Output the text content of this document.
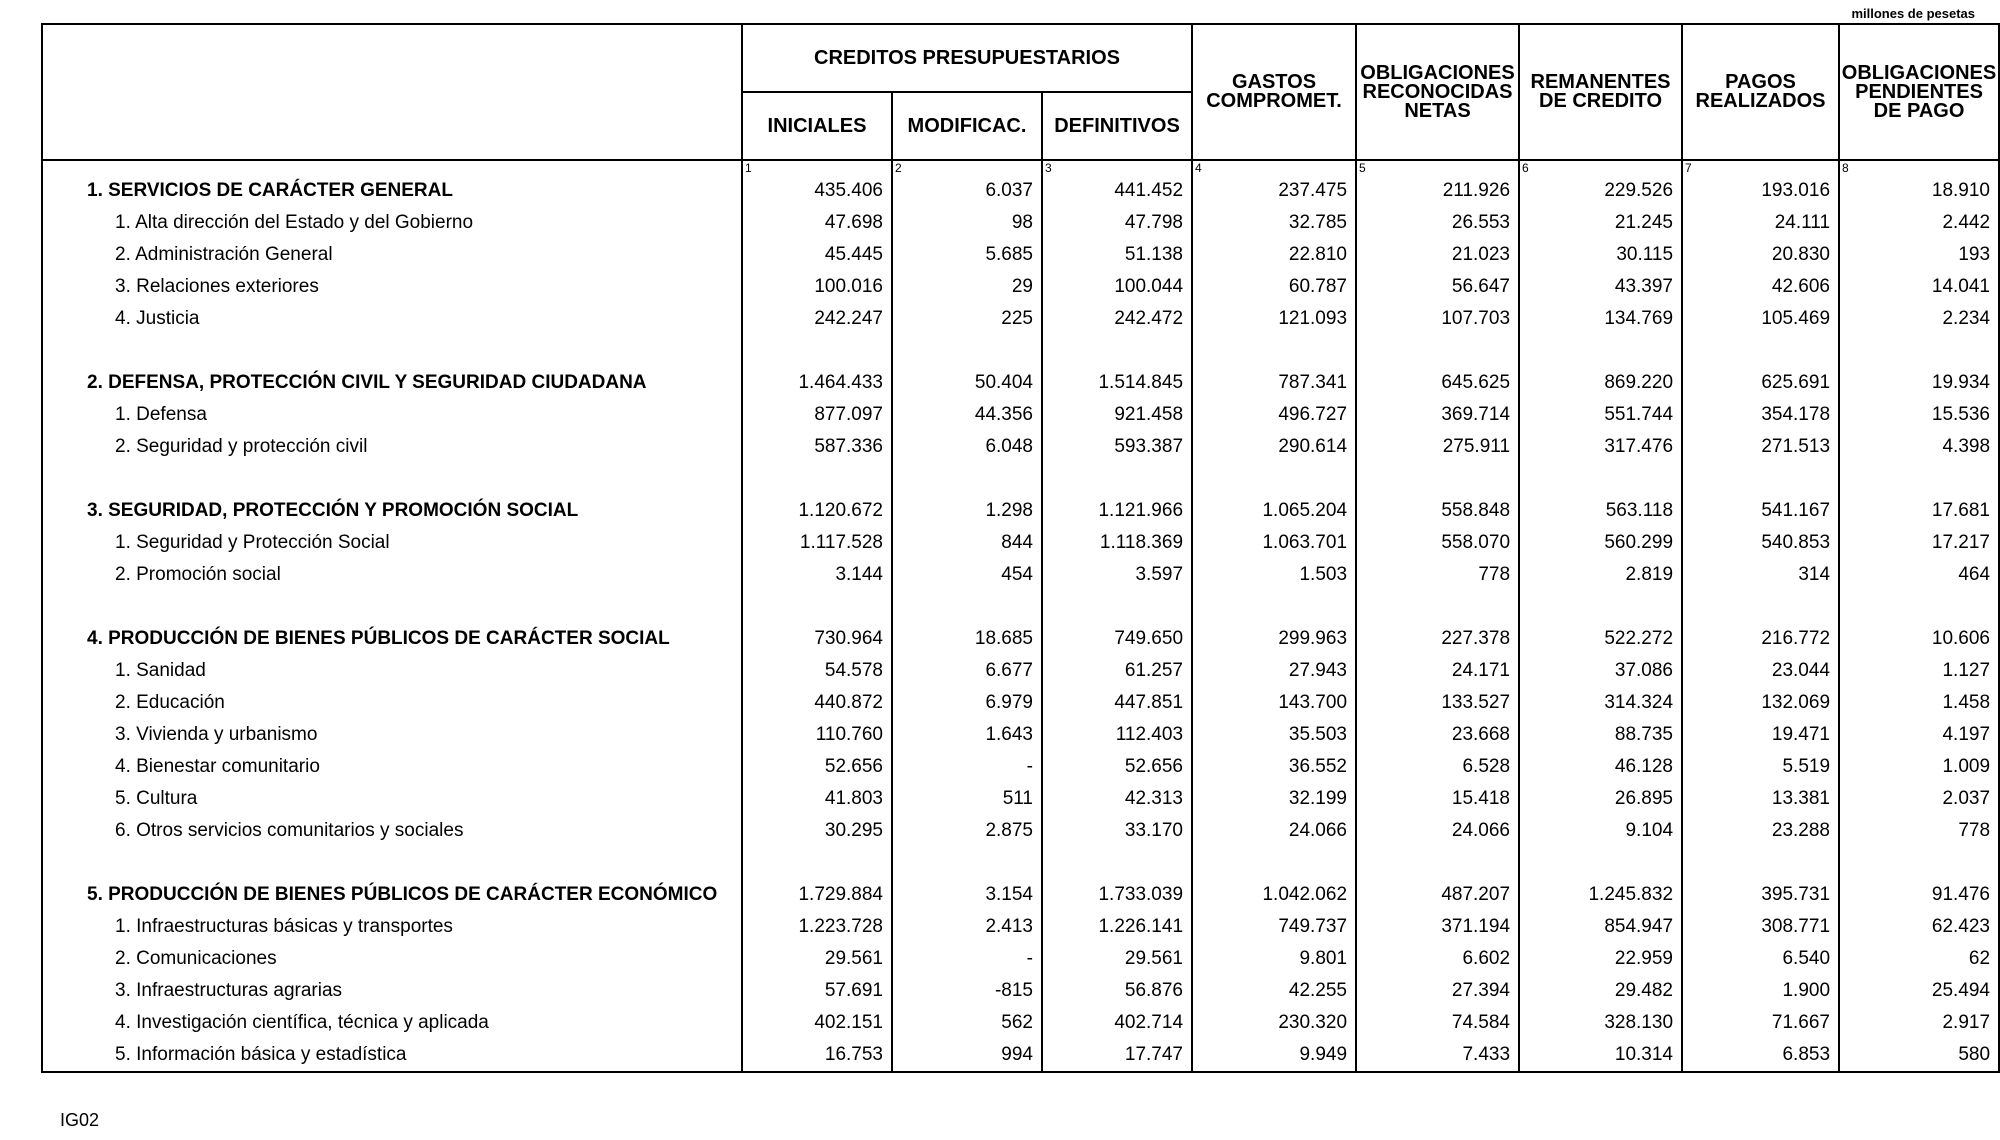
millones de pesetas
	CREDITOS PRESUPUESTARIOS			GASTOS COMPROMET.	OBLIGACIONES RECONOCIDAS NETAS	REMANENTES DE CREDITO	PAGOS REALIZADOS	OBLIGACIONES PENDIENTES DE PAGO
	INICIALES	MODIFICAC.	DEFINITIVOS					
	1	2	3	4	5	6	7	8
1. SERVICIOS DE CARÁCTER GENERAL	435.406	6.037	441.452	237.475	211.926	229.526	193.016	18.910
1. Alta dirección del Estado y del Gobierno	47.698	98	47.798	32.785	26.553	21.245	24.111	2.442
2. Administración General	45.445	5.685	51.138	22.810	21.023	30.115	20.830	193
3. Relaciones exteriores	100.016	29	100.044	60.787	56.647	43.397	42.606	14.041
4. Justicia	242.247	225	242.472	121.093	107.703	134.769	105.469	2.234

2. DEFENSA, PROTECCIÓN CIVIL Y SEGURIDAD CIUDADANA	1.464.433	50.404	1.514.845	787.341	645.625	869.220	625.691	19.934
1. Defensa	877.097	44.356	921.458	496.727	369.714	551.744	354.178	15.536
2. Seguridad y protección civil	587.336	6.048	593.387	290.614	275.911	317.476	271.513	4.398

3. SEGURIDAD, PROTECCIÓN Y PROMOCIÓN SOCIAL	1.120.672	1.298	1.121.966	1.065.204	558.848	563.118	541.167	17.681
1. Seguridad y Protección Social	1.117.528	844	1.118.369	1.063.701	558.070	560.299	540.853	17.217
2. Promoción social	3.144	454	3.597	1.503	778	2.819	314	464

4. PRODUCCIÓN DE BIENES PÚBLICOS DE CARÁCTER SOCIAL	730.964	18.685	749.650	299.963	227.378	522.272	216.772	10.606
1. Sanidad	54.578	6.677	61.257	27.943	24.171	37.086	23.044	1.127
2. Educación	440.872	6.979	447.851	143.700	133.527	314.324	132.069	1.458
3. Vivienda y urbanismo	110.760	1.643	112.403	35.503	23.668	88.735	19.471	4.197
4. Bienestar comunitario	52.656	-	52.656	36.552	6.528	46.128	5.519	1.009
5. Cultura	41.803	511	42.313	32.199	15.418	26.895	13.381	2.037
6. Otros servicios comunitarios y sociales	30.295	2.875	33.170	24.066	24.066	9.104	23.288	778

5. PRODUCCIÓN DE BIENES PÚBLICOS DE CARÁCTER ECONÓMICO	1.729.884	3.154	1.733.039	1.042.062	487.207	1.245.832	395.731	91.476
1. Infraestructuras básicas y transportes	1.223.728	2.413	1.226.141	749.737	371.194	854.947	308.771	62.423
2. Comunicaciones	29.561	-	29.561	9.801	6.602	22.959	6.540	62
3. Infraestructuras agrarias	57.691	-815	56.876	42.255	27.394	29.482	1.900	25.494
4. Investigación científica, técnica y aplicada	402.151	562	402.714	230.320	74.584	328.130	71.667	2.917
5. Información básica y estadística	16.753	994	17.747	9.949	7.433	10.314	6.853	580
IG02
